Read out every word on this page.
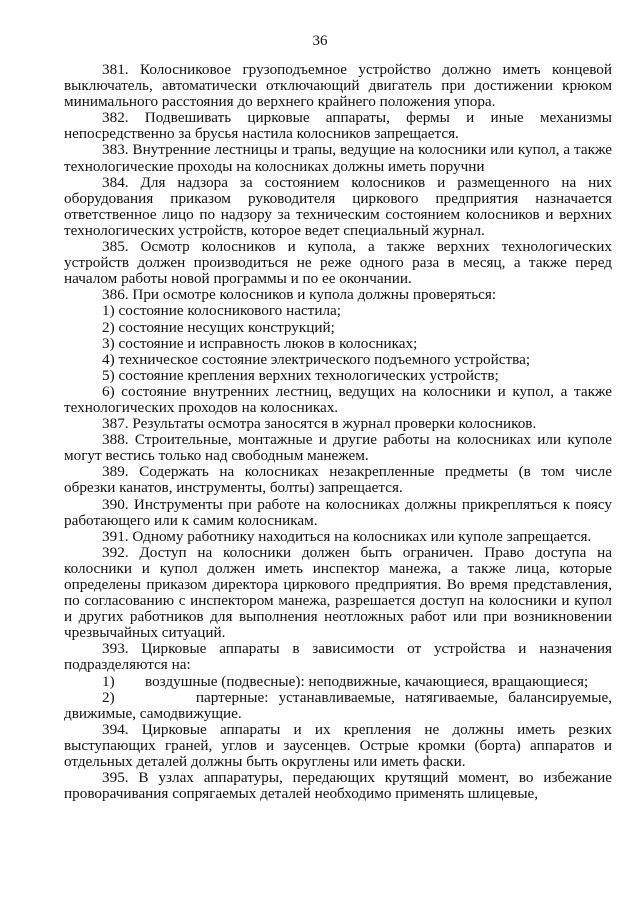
36

381. Колосниковое грузоподъемное устройство должно иметь концевой выключатель, автоматически отключающий двигатель при достижении крюком минимального расстояния до верхнего крайнего положения упора.

382. Подвешивать цирковые аппараты, фермы и иные механизмы непосредственно за брусья настила колосников запрещается.

383. Внутренние лестницы и трапы, ведущие на колосники или купол, а также технологические проходы на колосниках должны иметь поручни

384. Для надзора за состоянием колосников и размещенного на них оборудования приказом руководителя циркового предприятия назначается ответственное лицо по надзору за техническим состоянием колосников и верхних технологических устройств, которое ведет специальный журнал.

385. Осмотр колосников и купола, а также верхних технологических устройств должен производиться не реже одного раза в месяц, а также перед началом работы новой программы и по ее окончании.

386. При осмотре колосников и купола должны проверяться:

1) состояние колосникового настила;

2) состояние несущих конструкций;

3) состояние и исправность люков в колосниках;

4) техническое состояние электрического подъемного устройства;

5) состояние крепления верхних технологических устройств;

6) состояние внутренних лестниц, ведущих на колосники и купол, а также технологических проходов на колосниках.

387. Результаты осмотра заносятся в журнал проверки колосников.

388. Строительные, монтажные и другие работы на колосниках или куполе могут вестись только над свободным манежем.

389. Содержать на колосниках незакрепленные предметы (в том числе обрезки канатов, инструменты, болты) запрещается.

390. Инструменты при работе на колосниках должны прикрепляться к поясу работающего или к самим колосникам.

391. Одному работнику находиться на колосниках или куполе запрещается.

392. Доступ на колосники должен быть ограничен. Право доступа на колосники и купол должен иметь инспектор манежа, а также лица, которые определены приказом директора циркового предприятия. Во время представления, по согласованию с инспектором манежа, разрешается доступ на колосники и купол и других работников для выполнения неотложных работ или при возникновении чрезвычайных ситуаций.

393. Цирковые аппараты в зависимости от устройства и назначения подразделяются на:

1)        воздушные (подвесные): неподвижные, качающиеся, вращающиеся;

2)        партерные: устанавливаемые, натягиваемые, балансируемые, движимые, самодвижущие.

394. Цирковые аппараты и их крепления не должны иметь резких выступающих граней, углов и заусенцев. Острые кромки (борта) аппаратов и отдельных деталей должны быть округлены или иметь фаски.

395. В узлах аппаратуры, передающих крутящий момент, во избежание проворачивания сопрягаемых деталей необходимо применять шлицевые,
